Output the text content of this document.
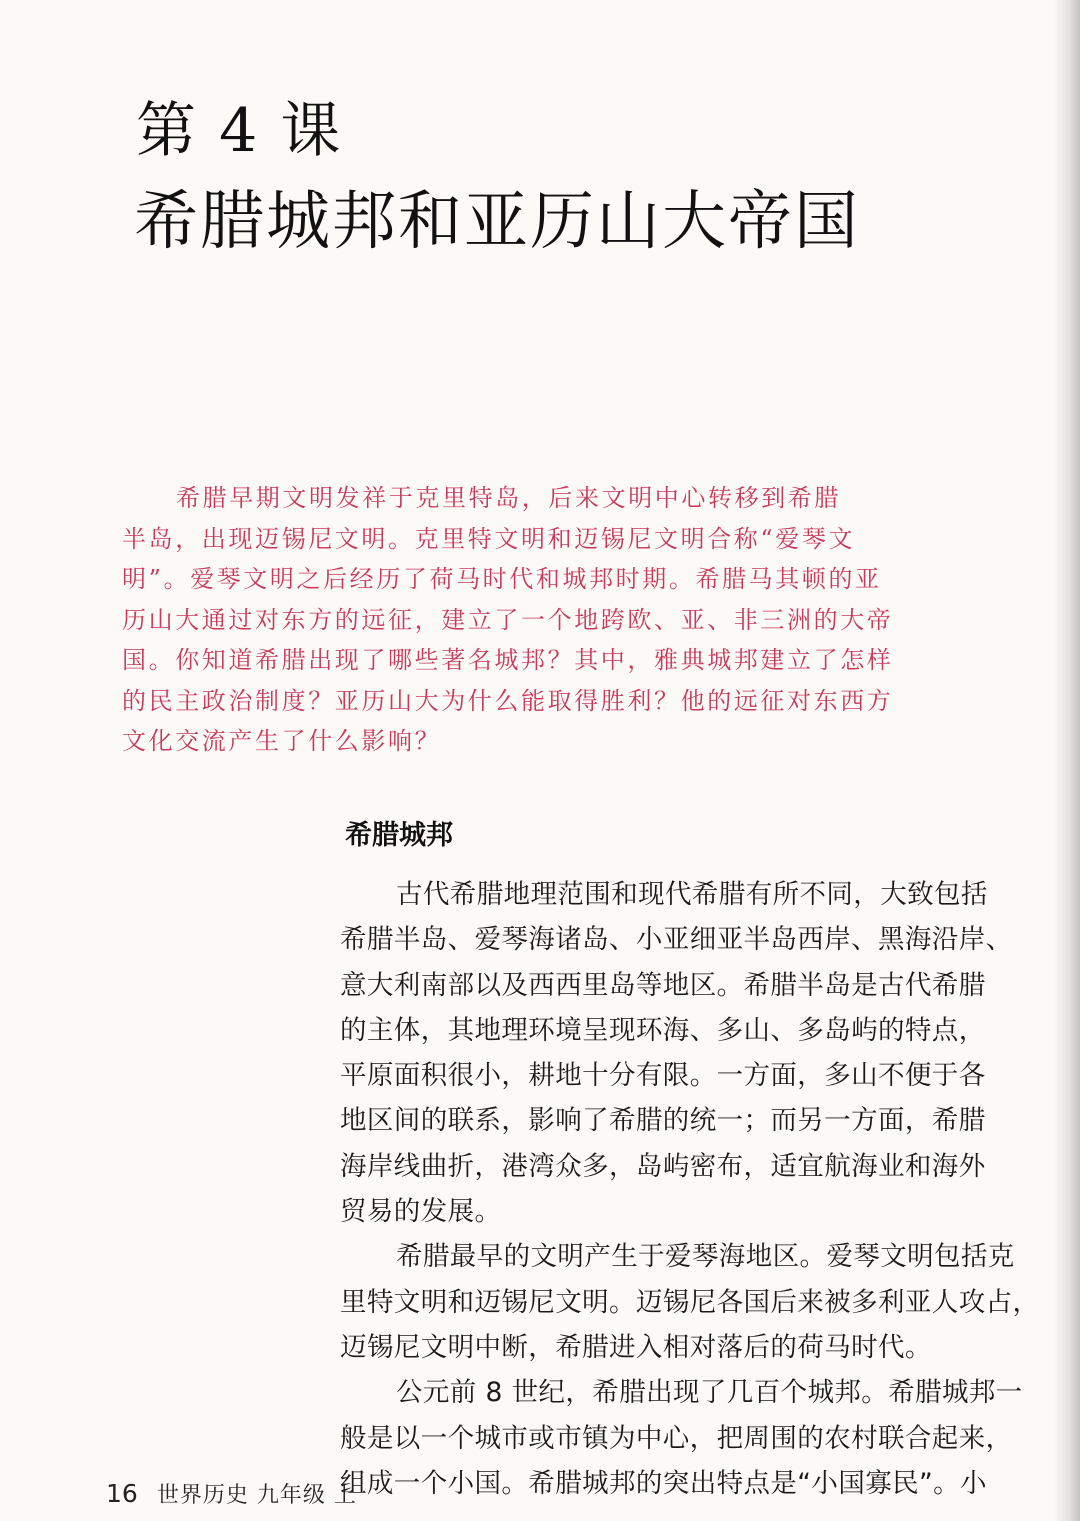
第 4 课
希腊城邦和亚历山大帝国
希腊早期文明发祥于克里特岛，后来文明中心转移到希腊
半岛，出现迈锡尼文明。克里特文明和迈锡尼文明合称“爱琴文
明”。爱琴文明之后经历了荷马时代和城邦时期。希腊马其顿的亚
历山大通过对东方的远征，建立了一个地跨欧、亚、非三洲的大帝
国。你知道希腊出现了哪些著名城邦？其中，雅典城邦建立了怎样
的民主政治制度？亚历山大为什么能取得胜利？他的远征对东西方
文化交流产生了什么影响？
希腊城邦
古代希腊地理范围和现代希腊有所不同，大致包括
希腊半岛、爱琴海诸岛、小亚细亚半岛西岸、黑海沿岸、
意大利南部以及西西里岛等地区。希腊半岛是古代希腊
的主体，其地理环境呈现环海、多山、多岛屿的特点，
平原面积很小，耕地十分有限。一方面，多山不便于各
地区间的联系，影响了希腊的统一；而另一方面，希腊
海岸线曲折，港湾众多，岛屿密布，适宜航海业和海外
贸易的发展。
希腊最早的文明产生于爱琴海地区。爱琴文明包括克
里特文明和迈锡尼文明。迈锡尼各国后来被多利亚人攻占，
迈锡尼文明中断，希腊进入相对落后的荷马时代。
公元前 8 世纪，希腊出现了几百个城邦。希腊城邦一
般是以一个城市或市镇为中心，把周围的农村联合起来，
组成一个小国。希腊城邦的突出特点是“小国寡民”。小
16 世界历史 九年级 上
